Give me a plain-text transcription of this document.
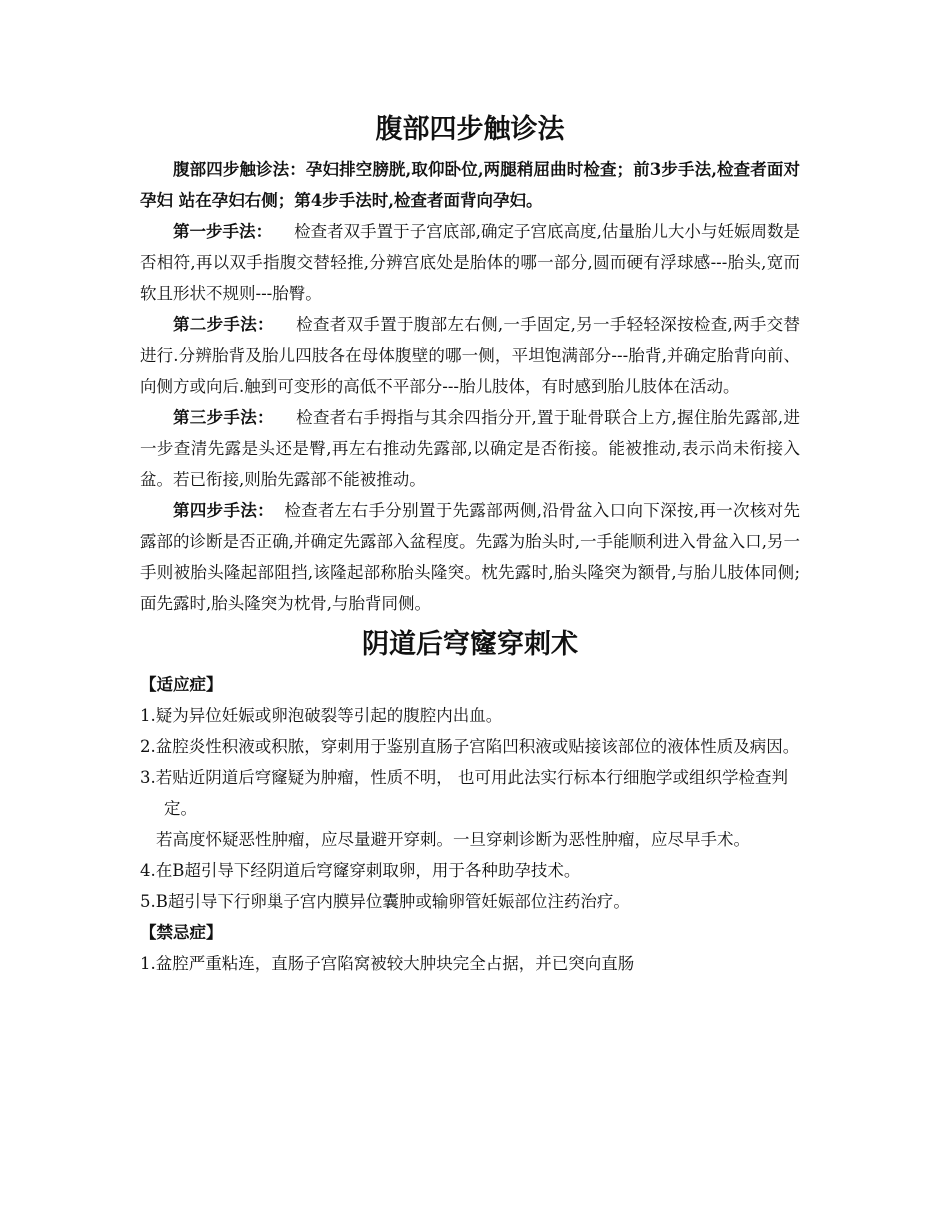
腹部四步触诊法

腹部四步触诊法：孕妇排空膀胱,取仰卧位,两腿稍屈曲时检查；前3步手法,检查者面对孕妇 站在孕妇右侧；第4步手法时,检查者面背向孕妇。

第一步手法： 检查者双手置于子宫底部,确定子宫底高度,估量胎儿大小与妊娠周数是否相符,再以双手指腹交替轻推,分辨宫底处是胎体的哪一部分,圆而硬有浮球感---胎头,宽而软且形状不规则---胎臀。

第二步手法： 检查者双手置于腹部左右侧,一手固定,另一手轻轻深按检查,两手交替进行.分辨胎背及胎儿四肢各在母体腹壁的哪一侧，平坦饱满部分---胎背,并确定胎背向前、向侧方或向后.触到可变形的高低不平部分---胎儿肢体，有时感到胎儿肢体在活动。

第三步手法： 检查者右手拇指与其余四指分开,置于耻骨联合上方,握住胎先露部,进一步查清先露是头还是臀,再左右推动先露部,以确定是否衔接。能被推动,表示尚未衔接入盆。若已衔接,则胎先露部不能被推动。

第四步手法： 检查者左右手分别置于先露部两侧,沿骨盆入口向下深按,再一次核对先露部的诊断是否正确,并确定先露部入盆程度。先露为胎头时,一手能顺利进入骨盆入口,另一手则被胎头隆起部阻挡,该隆起部称胎头隆突。枕先露时,胎头隆突为额骨,与胎儿肢体同侧;面先露时,胎头隆突为枕骨,与胎背同侧。

阴道后穹窿穿刺术

【适应症】

1.疑为异位妊娠或卵泡破裂等引起的腹腔内出血。

2.盆腔炎性积液或积脓，穿刺用于鉴别直肠子宫陷凹积液或贴接该部位的液体性质及病因。

3.若贴近阴道后穹窿疑为肿瘤，性质不明， 也可用此法实行标本行细胞学或组织学检查判定。

若高度怀疑恶性肿瘤，应尽量避开穿刺。一旦穿刺诊断为恶性肿瘤，应尽早手术。

4.在B超引导下经阴道后穹窿穿刺取卵，用于各种助孕技术。

5.B超引导下行卵巢子宫内膜异位囊肿或输卵管妊娠部位注药治疗。

【禁忌症】

1.盆腔严重粘连，直肠子宫陷窝被较大肿块完全占据，并已突向直肠
